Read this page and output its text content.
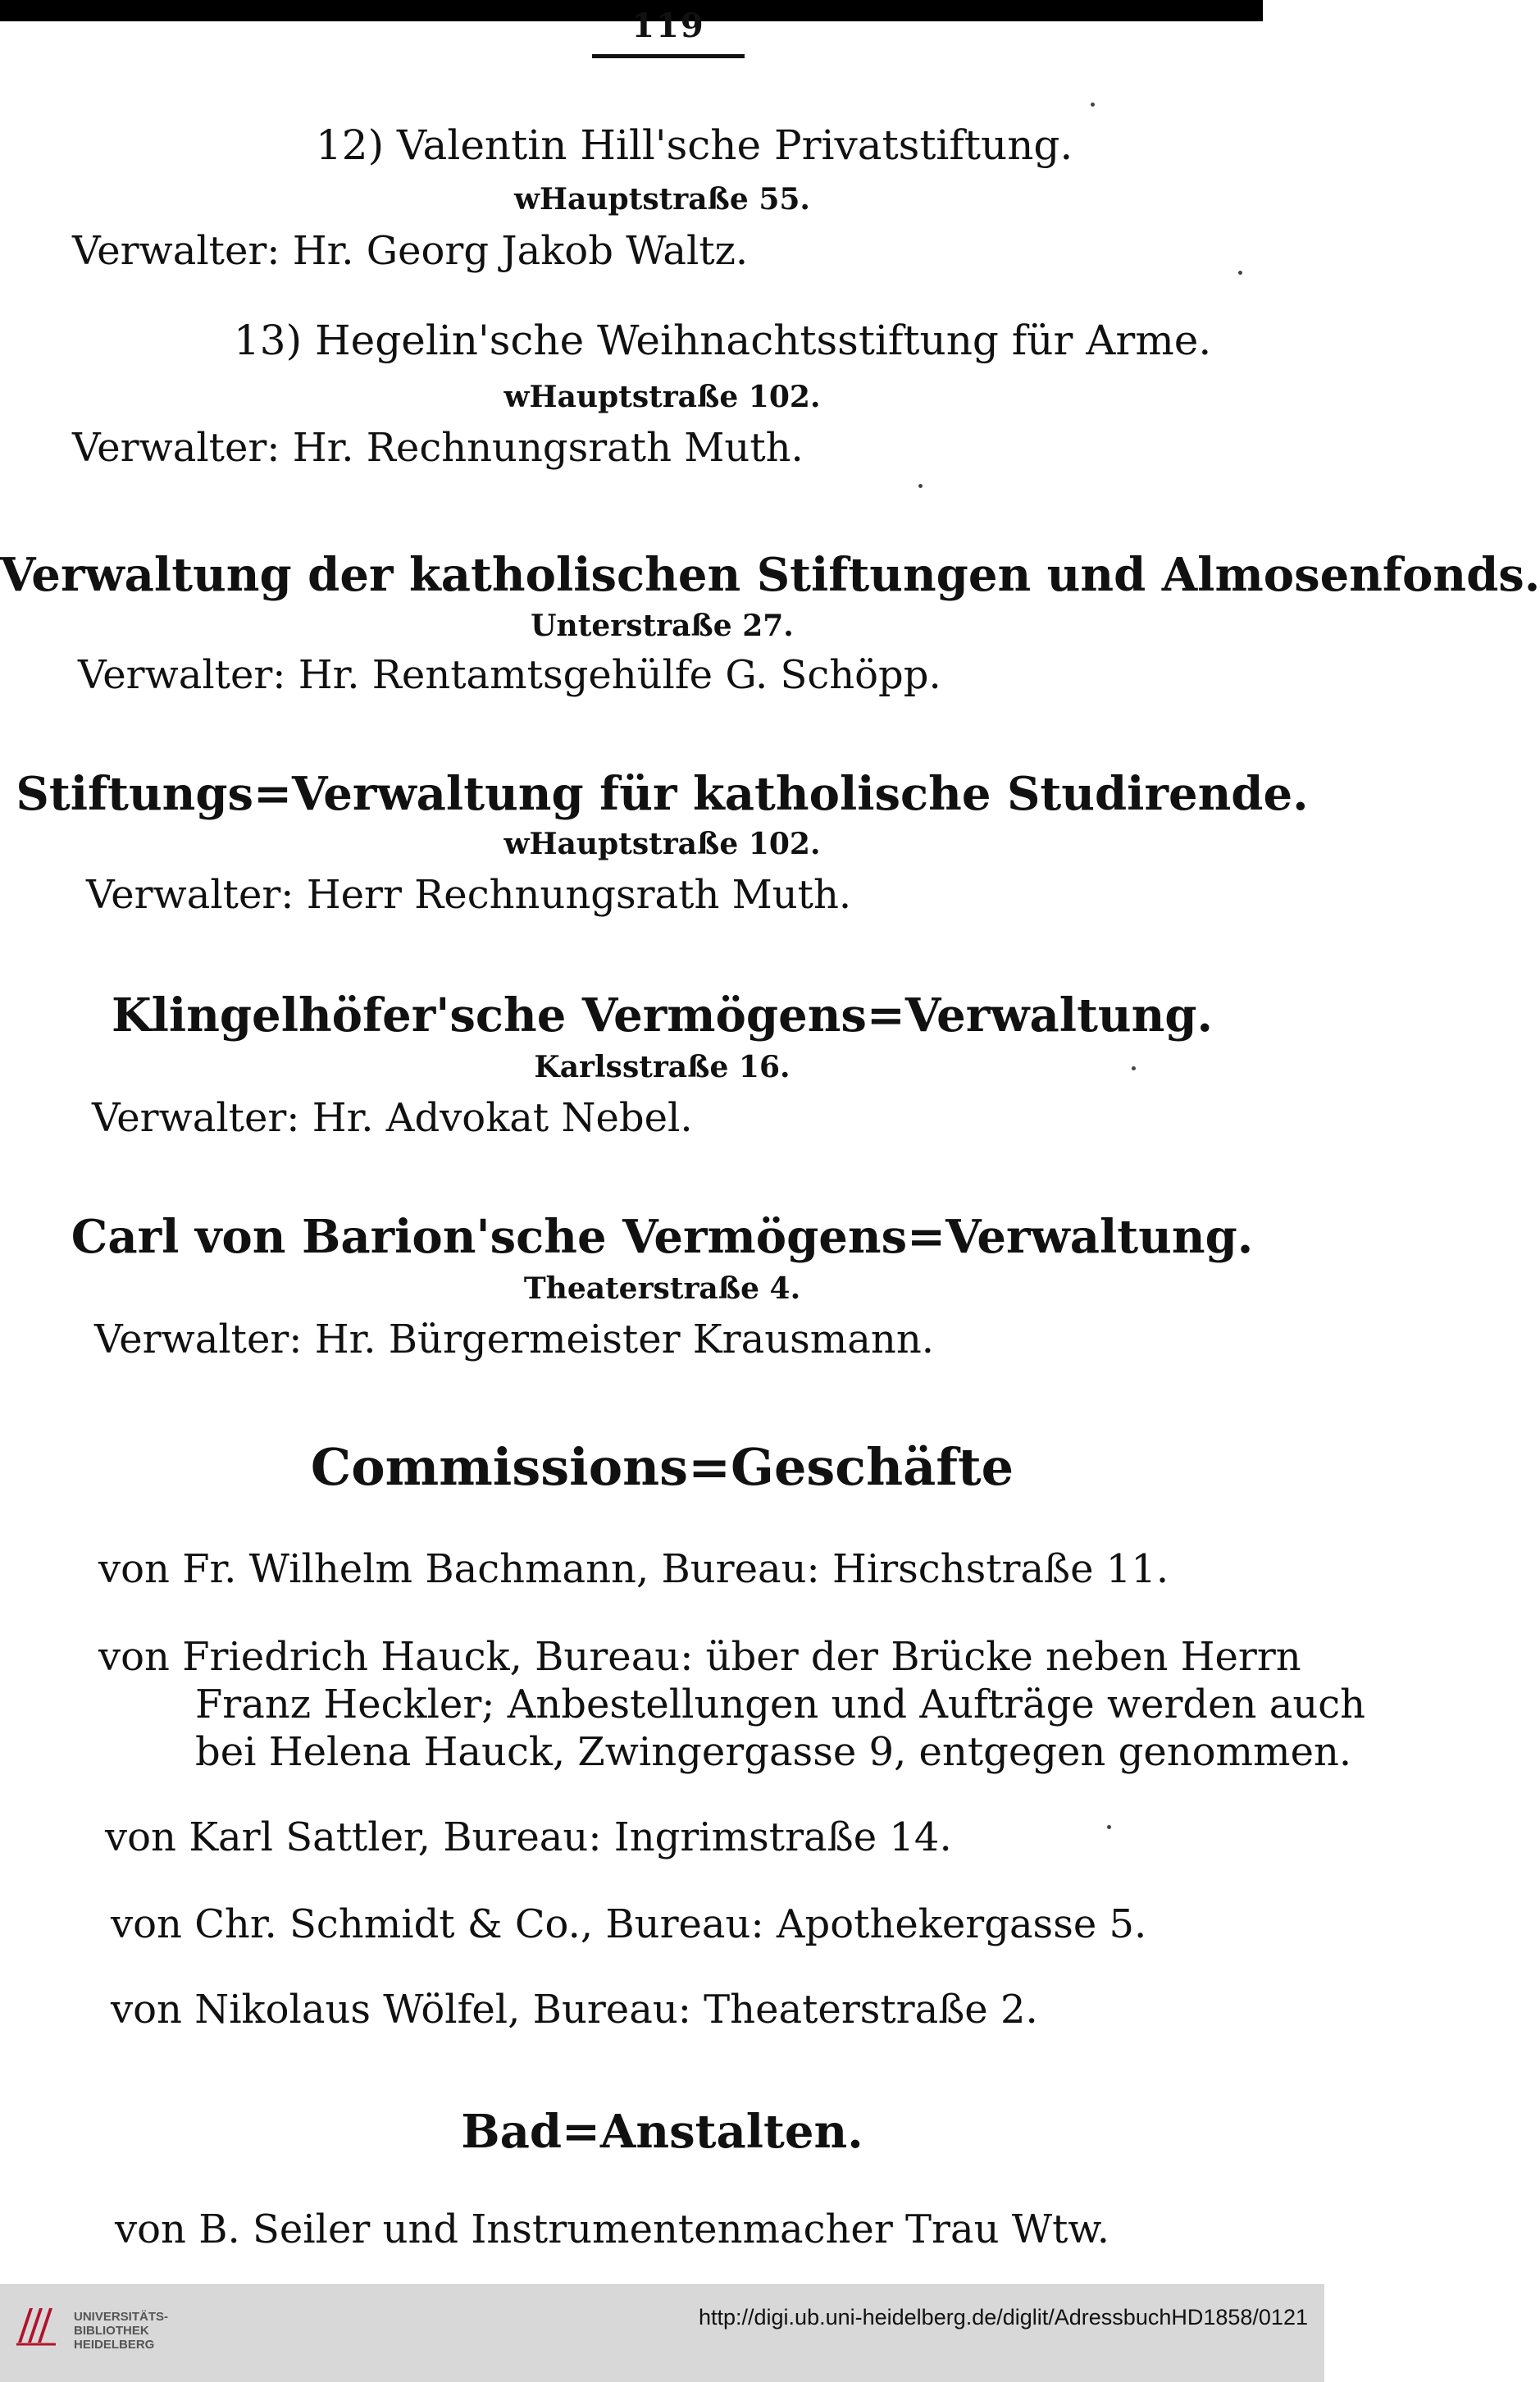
119
12) Valentin Hill'sche Privatstiftung.
wHauptstraße 55.
Verwalter: Hr. Georg Jakob Waltz.
13) Hegelin'sche Weihnachtsstiftung für Arme.
wHauptstraße 102.
Verwalter: Hr. Rechnungsrath Muth.
Verwaltung der katholischen Stiftungen und Almosenfonds.
Unterstraße 27.
Verwalter: Hr. Rentamtsgehülfe G. Schöpp.
Stiftungs=Verwaltung für katholische Studirende.
wHauptstraße 102.
Verwalter: Herr Rechnungsrath Muth.
Klingelhöfer'sche Vermögens=Verwaltung.
Karlsstraße 16.
Verwalter: Hr. Advokat Nebel.
Carl von Barion'sche Vermögens=Verwaltung.
Theaterstraße 4.
Verwalter: Hr. Bürgermeister Krausmann.
Commissions=Geschäfte
von Fr. Wilhelm Bachmann, Bureau: Hirschstraße 11.
von Friedrich Hauck, Bureau: über der Brücke neben Herrn
Franz Heckler; Anbestellungen und Aufträge werden auch
bei Helena Hauck, Zwingergasse 9, entgegen genommen.
von Karl Sattler, Bureau: Ingrimstraße 14.
von Chr. Schmidt & Co., Bureau: Apothekergasse 5.
von Nikolaus Wölfel, Bureau: Theaterstraße 2.
Bad=Anstalten.
von B. Seiler und Instrumentenmacher Trau Wtw.
UNIVERSITÄTS-
BIBLIOTHEK
HEIDELBERG
http://digi.ub.uni-heidelberg.de/diglit/AdressbuchHD1858/0121
